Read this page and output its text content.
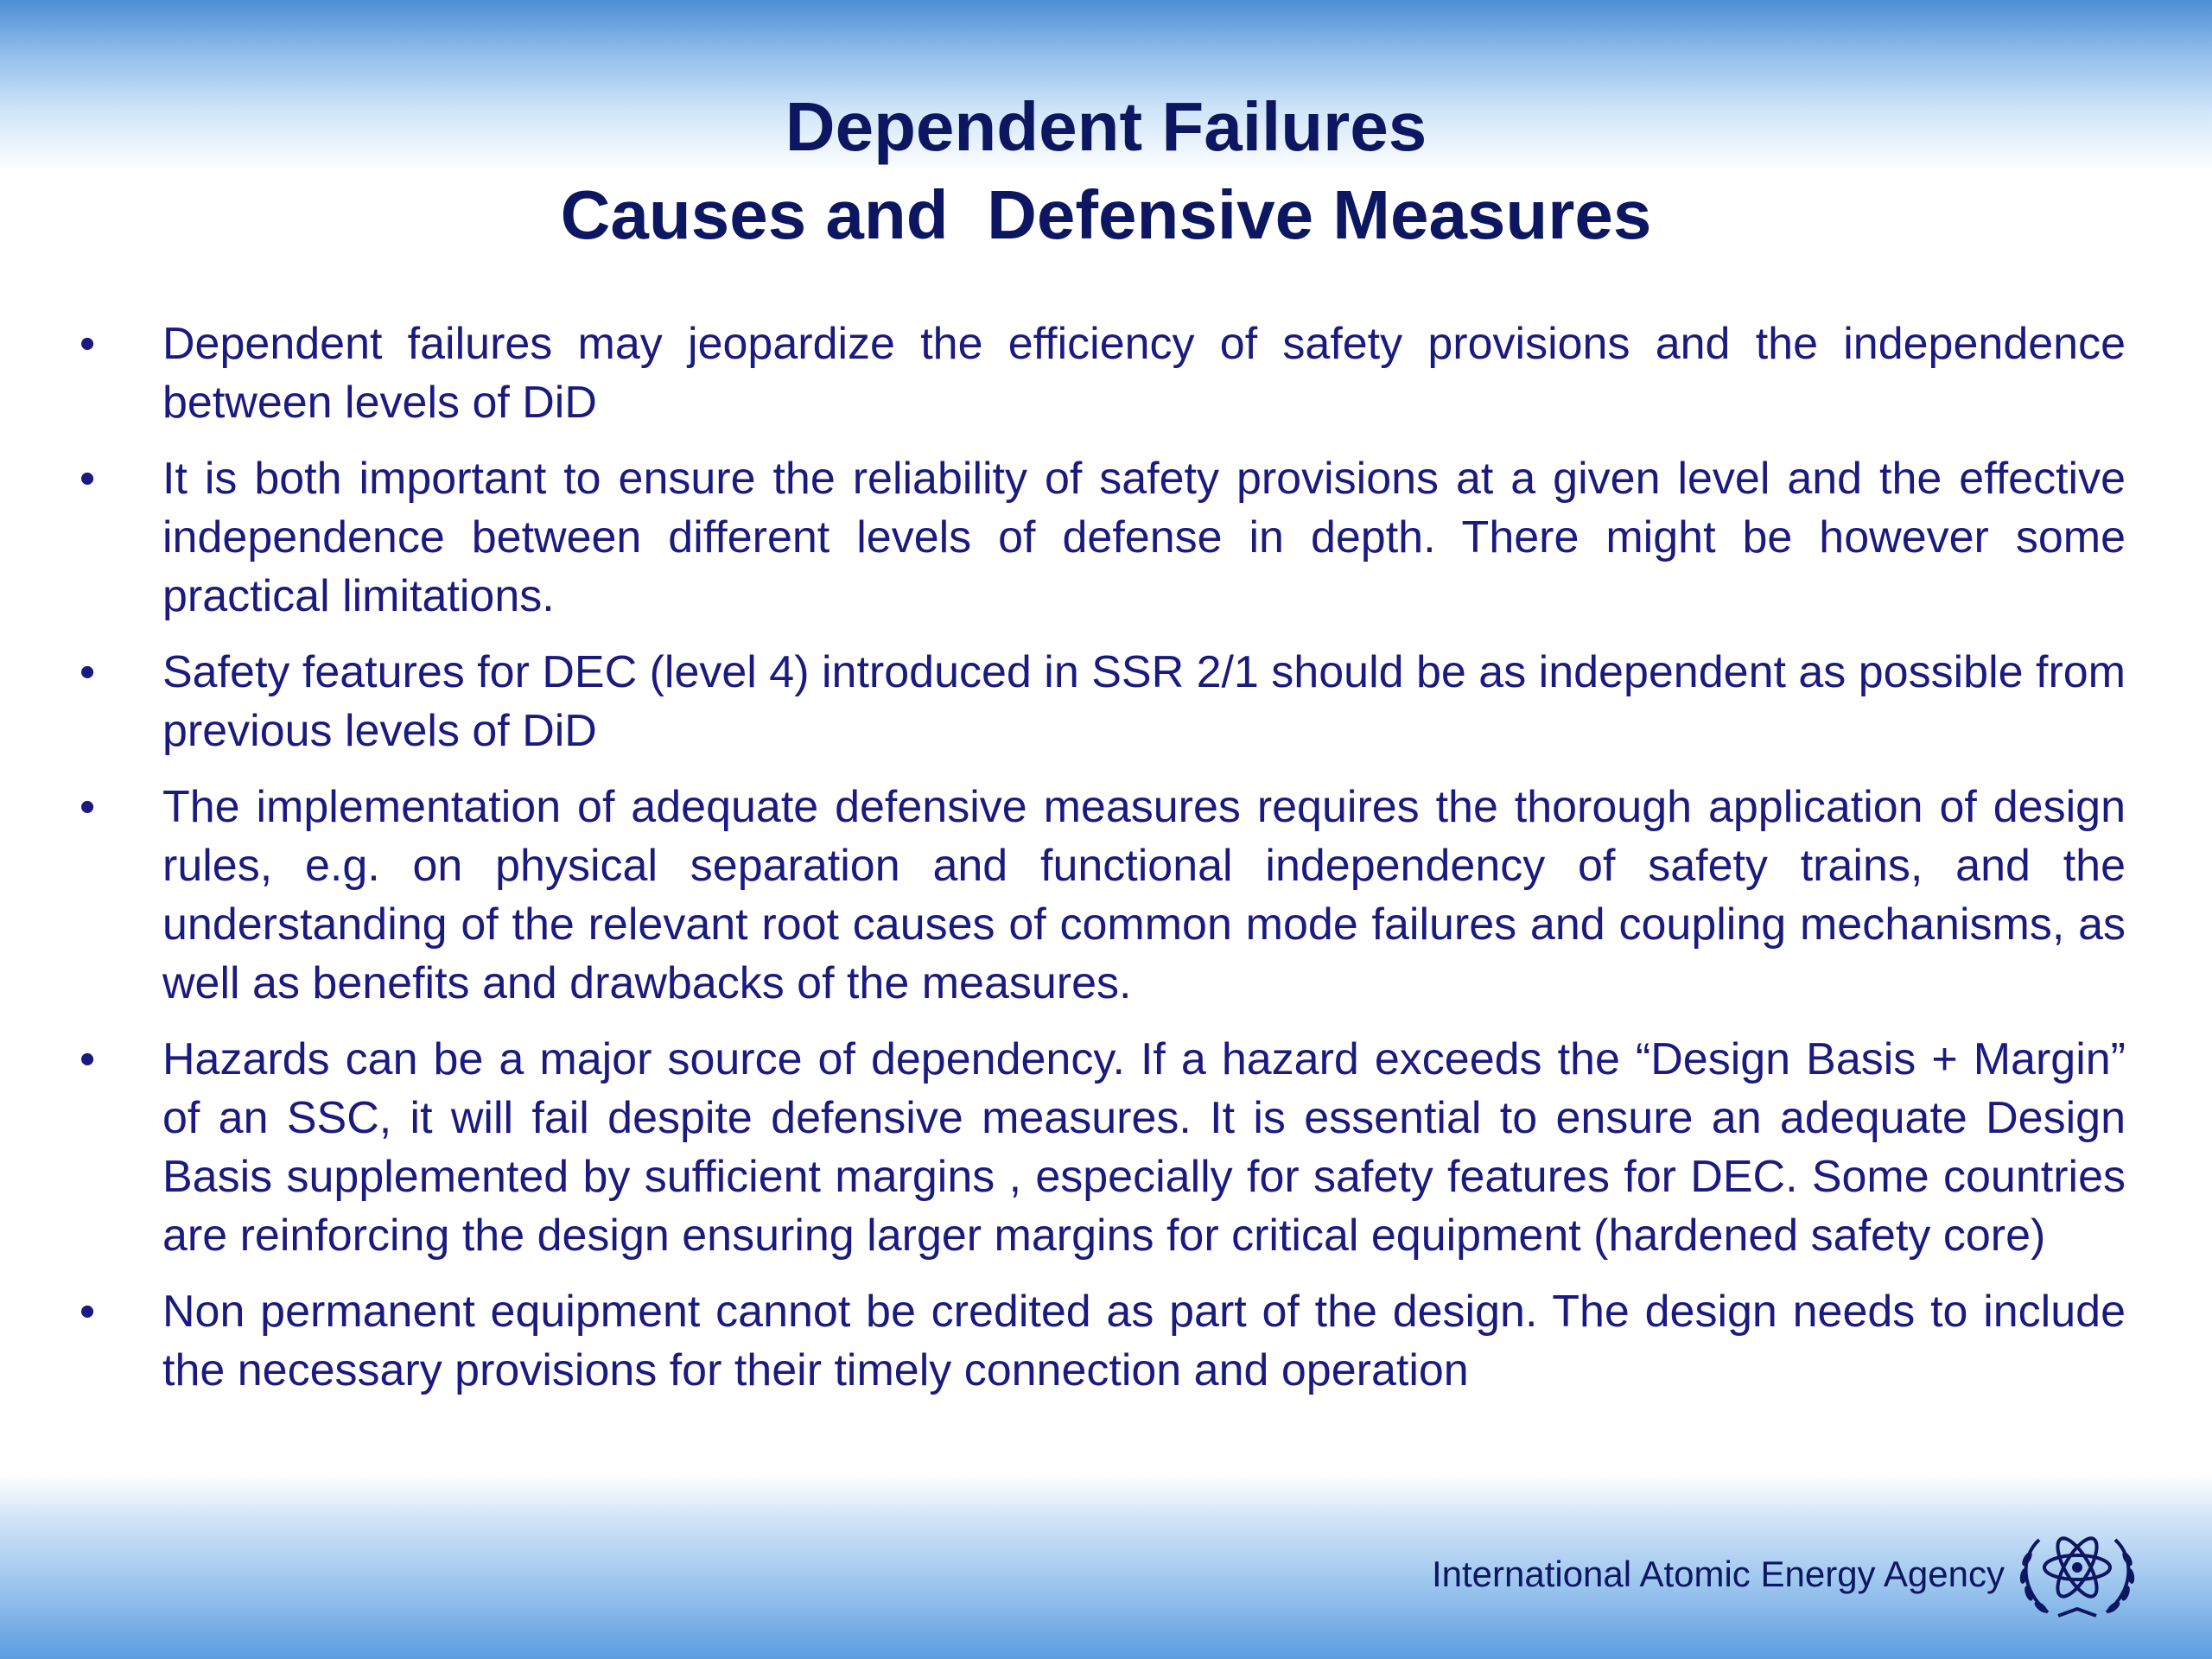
Dependent Failures
Causes and  Defensive Measures
• Dependent failures may jeopardize the efficiency of safety provisions and the independence between levels of DiD
• It is both important to ensure the reliability of safety provisions at a given level and the effective independence between different levels of defense in depth. There might be however some practical limitations.
• Safety features for DEC (level 4) introduced in SSR 2/1 should be as independent as possible from previous levels of DiD
• The implementation of adequate defensive measures requires the thorough application of design rules, e.g. on physical separation and functional independency of safety trains, and the understanding of the relevant root causes of common mode failures and coupling mechanisms, as well as benefits and drawbacks of the measures.
• Hazards can be a major source of dependency. If a hazard exceeds the “Design Basis + Margin” of an SSC, it will fail despite defensive measures. It is essential to ensure an adequate Design Basis supplemented by sufficient margins , especially for safety features for DEC. Some countries are reinforcing the design ensuring larger margins for critical equipment (hardened safety core)
• Non permanent equipment cannot be credited as part of the design. The design needs to include the necessary provisions for their timely connection and operation
International Atomic Energy Agency
